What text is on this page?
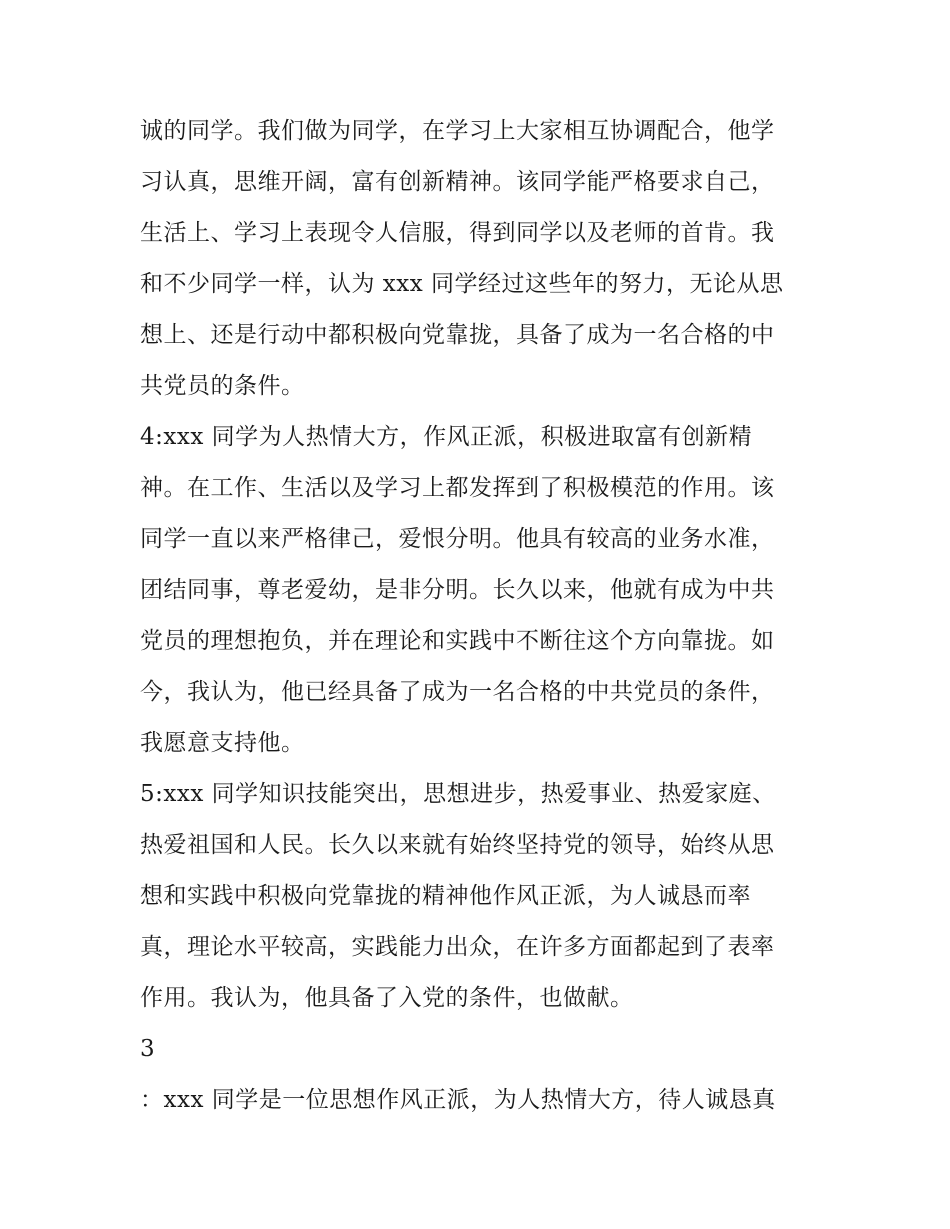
诚的同学。我们做为同学，在学习上大家相互协调配合，他学
习认真，思维开阔，富有创新精神。该同学能严格要求自己，
生活上、学习上表现令人信服，得到同学以及老师的首肯。我
和不少同学一样，认为 xxx 同学经过这些年的努力，无论从思
想上、还是行动中都积极向党靠拢，具备了成为一名合格的中
共党员的条件。
4:xxx 同学为人热情大方，作风正派，积极进取富有创新精
神。在工作、生活以及学习上都发挥到了积极模范的作用。该
同学一直以来严格律己，爱恨分明。他具有较高的业务水准，
团结同事，尊老爱幼，是非分明。长久以来，他就有成为中共
党员的理想抱负，并在理论和实践中不断往这个方向靠拢。如
今，我认为，他已经具备了成为一名合格的中共党员的条件，
我愿意支持他。
5:xxx 同学知识技能突出，思想进步，热爱事业、热爱家庭、
热爱祖国和人民。长久以来就有始终坚持党的领导，始终从思
想和实践中积极向党靠拢的精神他作风正派，为人诚恳而率
真，理论水平较高，实践能力出众，在许多方面都起到了表率
作用。我认为，他具备了入党的条件，也做献。
3
：xxx 同学是一位思想作风正派，为人热情大方，待人诚恳真
